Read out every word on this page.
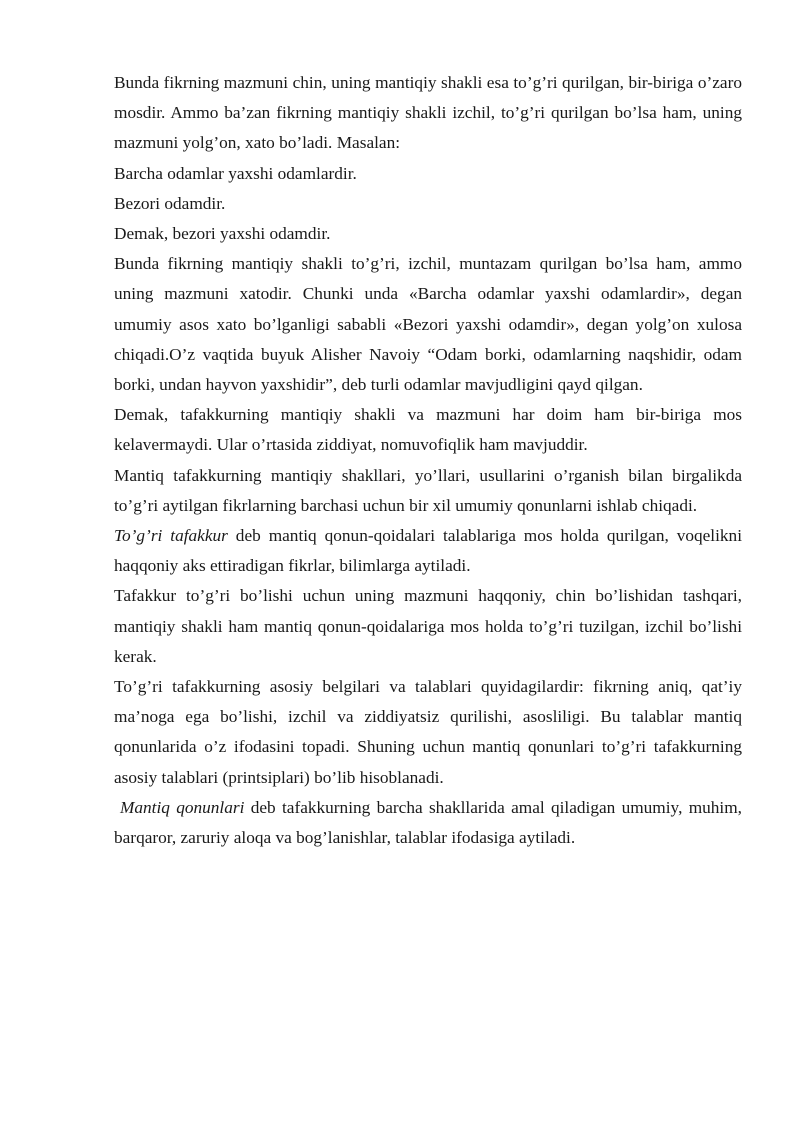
Bunda fikrning mazmuni chin, uning mantiqiy shakli esa to’g’ri qurilgan, bir-biriga o’zaro mosdir. Ammo ba’zan fikrning mantiqiy shakli izchil, to’g’ri qurilgan bo’lsa ham, uning mazmuni yolg’on, xato bo’ladi. Masalan:

Barcha odamlar yaxshi odamlardir.

Bezori odamdir.

Demak, bezori yaxshi odamdir.

Bunda fikrning mantiqiy shakli to’g’ri, izchil, muntazam qurilgan bo’lsa ham, ammo uning mazmuni xatodir. Chunki unda «Barcha odamlar yaxshi odamlardir», degan umumiy asos xato bo’lganligi sababli «Bezori yaxshi odamdir», degan yolg’on xulosa chiqadi.O’z vaqtida buyuk Alisher Navoiy “Odam borki, odamlarning naqshidir, odam borki, undan hayvon yaxshidir”, deb turli odamlar mavjudligini qayd qilgan.

Demak, tafakkurning mantiqiy shakli va mazmuni har doim ham bir-biriga mos kelavermaydi. Ular o’rtasida ziddiyat, nomuvofiqlik ham mavjuddir.

Mantiq tafakkurning mantiqiy shakllari, yo’llari, usullarini o’rganish bilan birgalikda to’g’ri aytilgan fikrlarning barchasi uchun bir xil umumiy qonunlarni ishlab chiqadi.

To’g’ri tafakkur deb mantiq qonun-qoidalari talablariga mos holda qurilgan, voqelikni haqqoniy aks ettiradigan fikrlar, bilimlarga aytiladi.

Tafakkur to’g’ri bo’lishi uchun uning mazmuni haqqoniy, chin bo’lishidan tashqari, mantiqiy shakli ham mantiq qonun-qoidalariga mos holda to’g’ri tuzilgan, izchil bo’lishi kerak.

To’g’ri tafakkurning asosiy belgilari va talablari quyidagilardir: fikrning aniq, qat’iy ma’noga ega bo’lishi, izchil va ziddiyatsiz qurilishi, asosliligi. Bu talablar mantiq qonunlarida o’z ifodasini topadi. Shuning uchun mantiq qonunlari to’g’ri tafakkurning asosiy talablari (printsiplari) bo’lib hisoblanadi.

Mantiq qonunlari deb tafakkurning barcha shakllarida amal qiladigan umumiy, muhim, barqaror, zaruriy aloqa va bog’lanishlar, talablar ifodasiga aytiladi.
